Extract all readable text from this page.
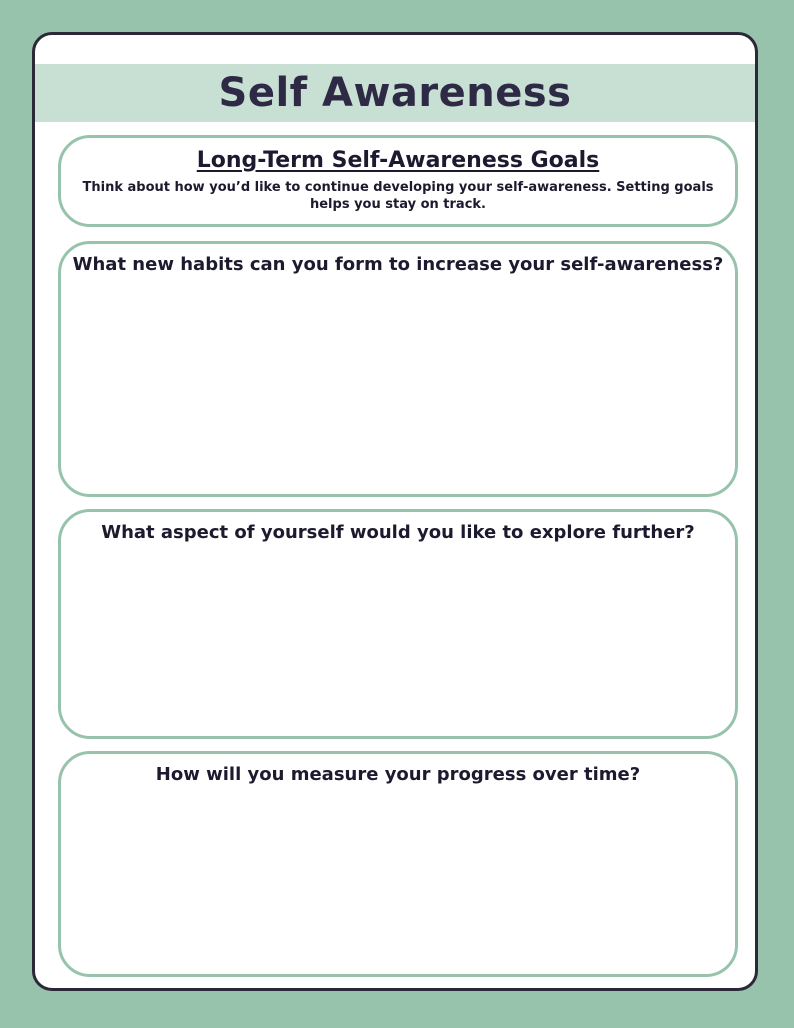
Self Awareness
Long-Term Self-Awareness Goals

Think about how you’d like to continue developing your self-awareness. Setting goals helps you stay on track.

What new habits can you form to increase your self-awareness?
What aspect of yourself would you like to explore further?
How will you measure your progress over time?
